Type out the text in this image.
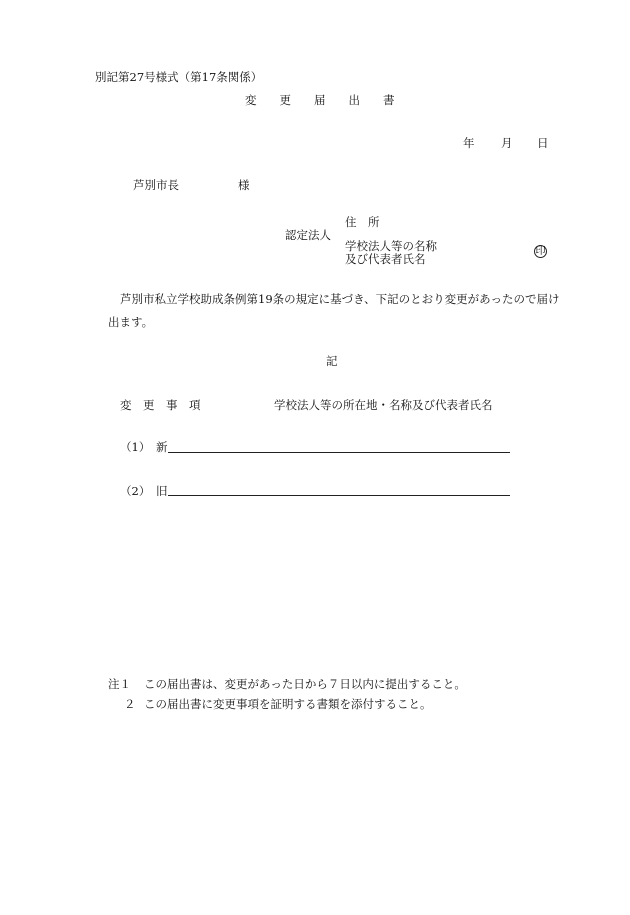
別記第27号様式（第17条関係）
変　　更　　届　　出　　書
年 月 日
芦別市長	様
認定法人
住　所
学校法人等の名称
及び代表者氏名
印
芦別市私立学校助成条例第19条の規定に基づき、下記のとおり変更があったので届け
出ます。
記
変　更　事　項	学校法人等の所在地・名称及び代表者氏名
（1） 新
（2） 旧
注１ この届出書は、変更があった日から７日以内に提出すること。
２ この届出書に変更事項を証明する書類を添付すること。
